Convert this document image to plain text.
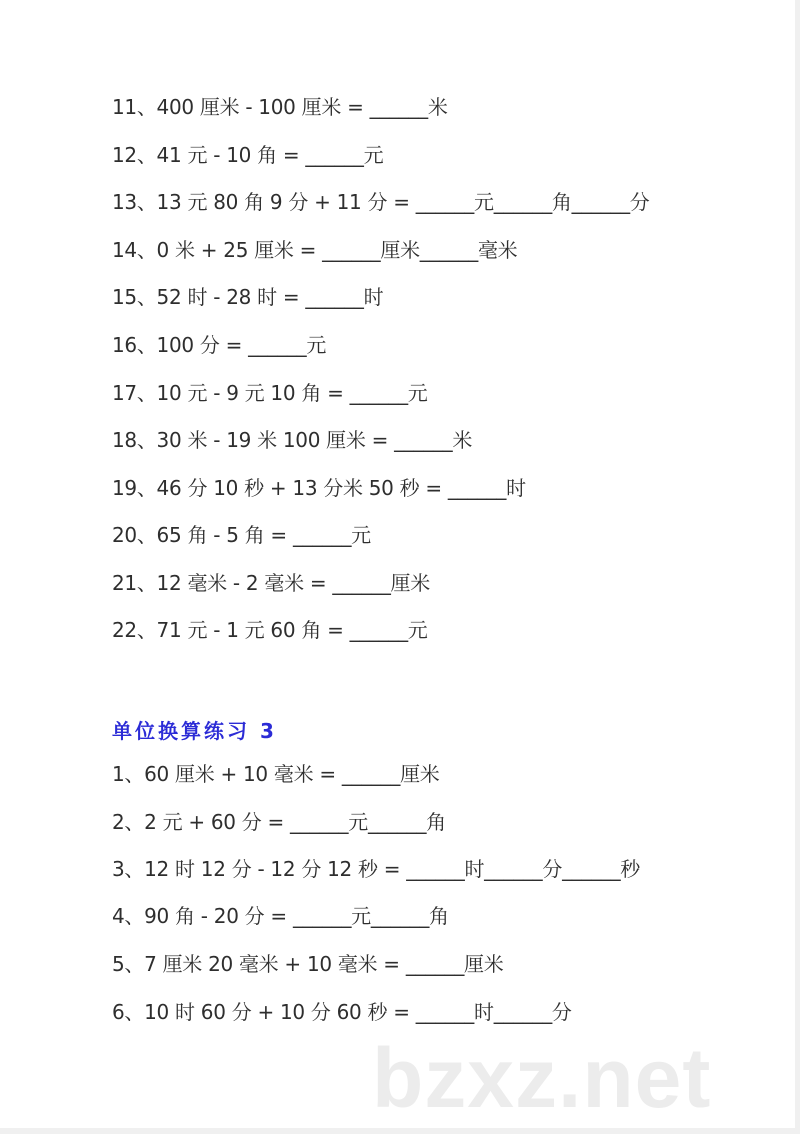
11、400 厘米 - 100 厘米 = ______米
12、41 元 - 10 角 = ______元
13、13 元 80 角 9 分 + 11 分 = ______元______角______分
14、0 米 + 25 厘米 = ______厘米______毫米
15、52 时 - 28 时 = ______时
16、100 分 = ______元
17、10 元 - 9 元 10 角 = ______元
18、30 米 - 19 米 100 厘米 = ______米
19、46 分 10 秒 + 13 分米 50 秒 = ______时
20、65 角 - 5 角 = ______元
21、12 毫米 - 2 毫米 = ______厘米
22、71 元 - 1 元 60 角 = ______元
单位换算练习 3
1、60 厘米 + 10 毫米 = ______厘米
2、2 元 + 60 分 = ______元______角
3、12 时 12 分 - 12 分 12 秒 = ______时______分______秒
4、90 角 - 20 分 = ______元______角
5、7 厘米 20 毫米 + 10 毫米 = ______厘米
6、10 时 60 分 + 10 分 60 秒 = ______时______分
bzxz.net
